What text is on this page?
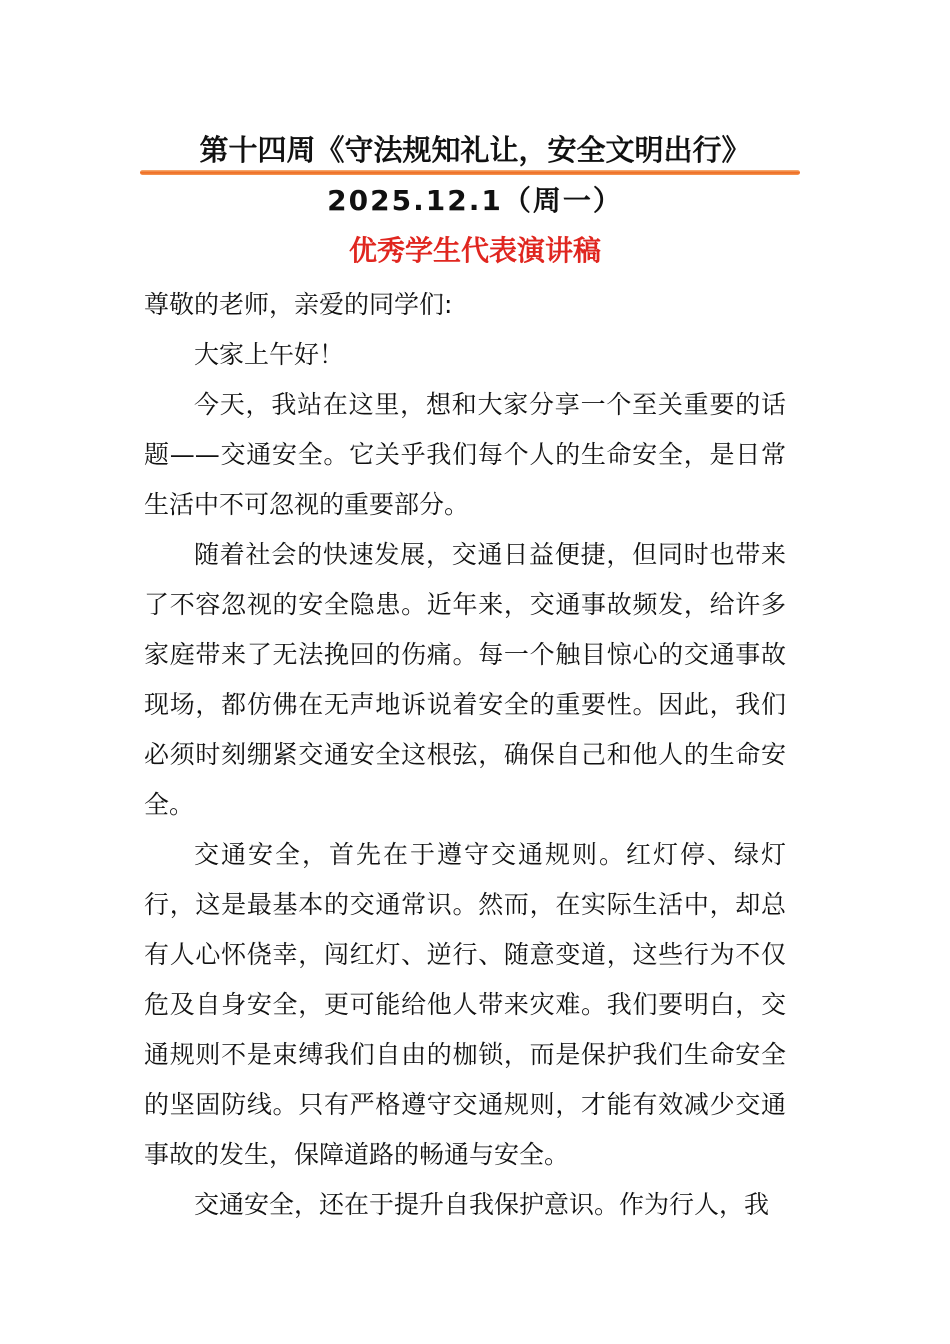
第十四周《守法规知礼让，安全文明出行》
2025.12.1（周一）
优秀学生代表演讲稿

尊敬的老师，亲爱的同学们:

大家上午好！

今天，我站在这里，想和大家分享一个至关重要的话题——交通安全。它关乎我们每个人的生命安全，是日常生活中不可忽视的重要部分。

随着社会的快速发展，交通日益便捷，但同时也带来了不容忽视的安全隐患。近年来，交通事故频发，给许多家庭带来了无法挽回的伤痛。每一个触目惊心的交通事故现场，都仿佛在无声地诉说着安全的重要性。因此，我们必须时刻绷紧交通安全这根弦，确保自己和他人的生命安全。

交通安全，首先在于遵守交通规则。红灯停、绿灯行，这是最基本的交通常识。然而，在实际生活中，却总有人心怀侥幸，闯红灯、逆行、随意变道，这些行为不仅危及自身安全，更可能给他人带来灾难。我们要明白，交通规则不是束缚我们自由的枷锁，而是保护我们生命安全的坚固防线。只有严格遵守交通规则，才能有效减少交通事故的发生，保障道路的畅通与安全。

交通安全，还在于提升自我保护意识。作为行人，我
